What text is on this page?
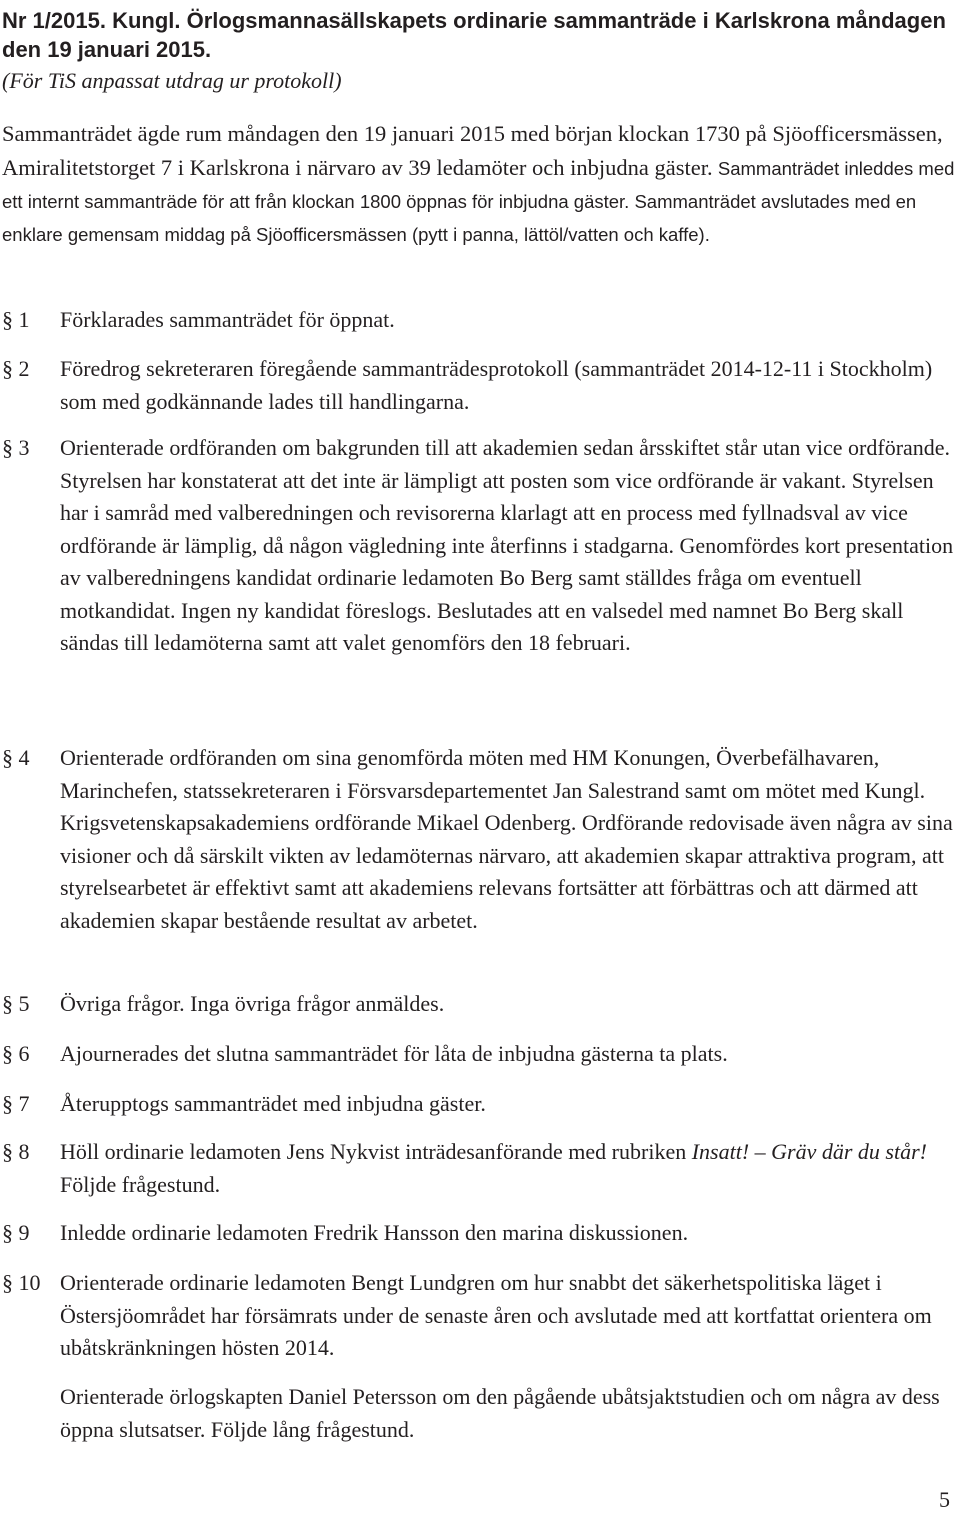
Nr 1/2015. Kungl. Örlogsmannasällskapets ordinarie sammanträde i Karlskrona måndagen den 19 januari 2015.
(För TiS anpassat utdrag ur protokoll)
Sammanträdet ägde rum måndagen den 19 januari 2015 med början klockan 1730 på Sjöofficersmässen, Amiralitetstorget 7 i Karlskrona i närvaro av 39 ledamöter och inbjudna gäster. Sammanträdet inleddes med ett internt sammanträde för att från klockan 1800 öppnas för inbjudna gäster. Sammanträdet avslutades med en enklare gemensam middag på Sjöofficersmässen (pytt i panna, lättöl/vatten och kaffe).
§ 1	Förklarades sammanträdet för öppnat.
§ 2	Föredrog sekreteraren föregående sammanträdesprotokoll (sammanträdet 2014-12-11 i Stockholm) som med godkännande lades till handlingarna.
§ 3	Orienterade ordföranden om bakgrunden till att akademien sedan årsskiftet står utan vice ordförande. Styrelsen har konstaterat att det inte är lämpligt att posten som vice ordförande är vakant. Styrelsen har i samråd med valberedningen och revisorerna klarlagt att en process med fyllnadsval av vice ordförande är lämplig, då någon vägledning inte återfinns i stadgarna. Genomfördes kort presentation av valberedningens kandidat ordinarie ledamoten Bo Berg samt ställdes fråga om eventuell motkandidat. Ingen ny kandidat föreslogs. Beslutades att en valsedel med namnet Bo Berg skall sändas till ledamöterna samt att valet genomförs den 18 februari.
§ 4	Orienterade ordföranden om sina genomförda möten med HM Konungen, Överbefälhavaren, Marinchefen, statssekreteraren i Försvarsdepartementet Jan Salestrand samt om mötet med Kungl. Krigsvetenskapsakademiens ordförande Mikael Odenberg. Ordförande redovisade även några av sina visioner och då särskilt vikten av ledamöternas närvaro, att akademien skapar attraktiva program, att styrelsearbetet är effektivt samt att akademiens relevans fortsätter att förbättras och att därmed att akademien skapar bestående resultat av arbetet.
§ 5	Övriga frågor. Inga övriga frågor anmäldes.
§ 6	Ajournerades det slutna sammanträdet för låta de inbjudna gästerna ta plats.
§ 7	Återupptogs sammanträdet med inbjudna gäster.
§ 8	Höll ordinarie ledamoten Jens Nykvist inträdesanförande med rubriken Insatt! – Gräv där du står! Följde frågestund.
§ 9	Inledde ordinarie ledamoten Fredrik Hansson den marina diskussionen.
§ 10 Orienterade ordinarie ledamoten Bengt Lundgren om hur snabbt det säkerhetspolitiska läget i Östersjöområdet har försämrats under de senaste åren och avslutade med att kortfattat orientera om ubåtskränkningen hösten 2014.
Orienterade örlogskapten Daniel Petersson om den pågående ubåtsjaktstudien och om några av dess öppna slutsatser. Följde lång frågestund.
5
